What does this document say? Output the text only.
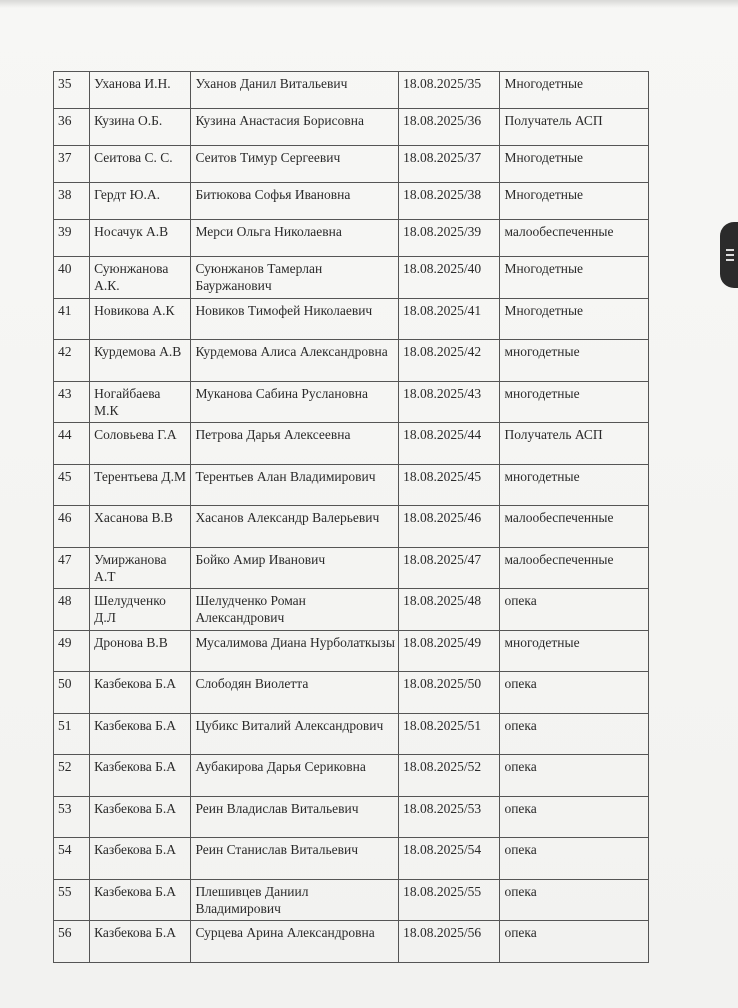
35	Уханова И.Н.	Уханов Данил Витальевич	18.08.2025/35	Многодетные
36	Кузина О.Б.	Кузина Анастасия Борисовна	18.08.2025/36	Получатель АСП
37	Сеитова С. С.	Сеитов Тимур Сергеевич	18.08.2025/37	Многодетные
38	Гердт Ю.А.	Битюкова Софья Ивановна	18.08.2025/38	Многодетные
39	Носачук А.В	Мерси Ольга Николаевна	18.08.2025/39	малообеспеченные
40	Суюнжанова А.К.	Суюнжанов Тамерлан Бауржанович	18.08.2025/40	Многодетные
41	Новикова А.К	Новиков Тимофей Николаевич	18.08.2025/41	Многодетные
42	Курдемова А.В	Курдемова Алиса Александровна	18.08.2025/42	многодетные
43	Ногайбаева М.К	Муканова Сабина Руслановна	18.08.2025/43	многодетные
44	Соловьева Г.А	Петрова Дарья Алексеевна	18.08.2025/44	Получатель АСП
45	Терентьева Д.М	Терентьев Алан Владимирович	18.08.2025/45	многодетные
46	Хасанова В.В	Хасанов Александр Валерьевич	18.08.2025/46	малообеспеченные
47	Умиржанова А.Т	Бойко Амир Иванович	18.08.2025/47	малообеспеченные
48	Шелудченко Д.Л	Шелудченко Роман Александрович	18.08.2025/48	опека
49	Дронова В.В	Мусалимова Диана Нурболаткызы	18.08.2025/49	многодетные
50	Казбекова Б.А	Слободян Виолетта	18.08.2025/50	опека
51	Казбекова Б.А	Цубикс Виталий Александрович	18.08.2025/51	опека
52	Казбекова Б.А	Аубакирова Дарья Сериковна	18.08.2025/52	опека
53	Казбекова Б.А	Реин Владислав Витальевич	18.08.2025/53	опека
54	Казбекова Б.А	Реин Станислав Витальевич	18.08.2025/54	опека
55	Казбекова Б.А	Плешивцев Даниил Владимирович	18.08.2025/55	опека
56	Казбекова Б.А	Сурцева Арина Александровна	18.08.2025/56	опека
